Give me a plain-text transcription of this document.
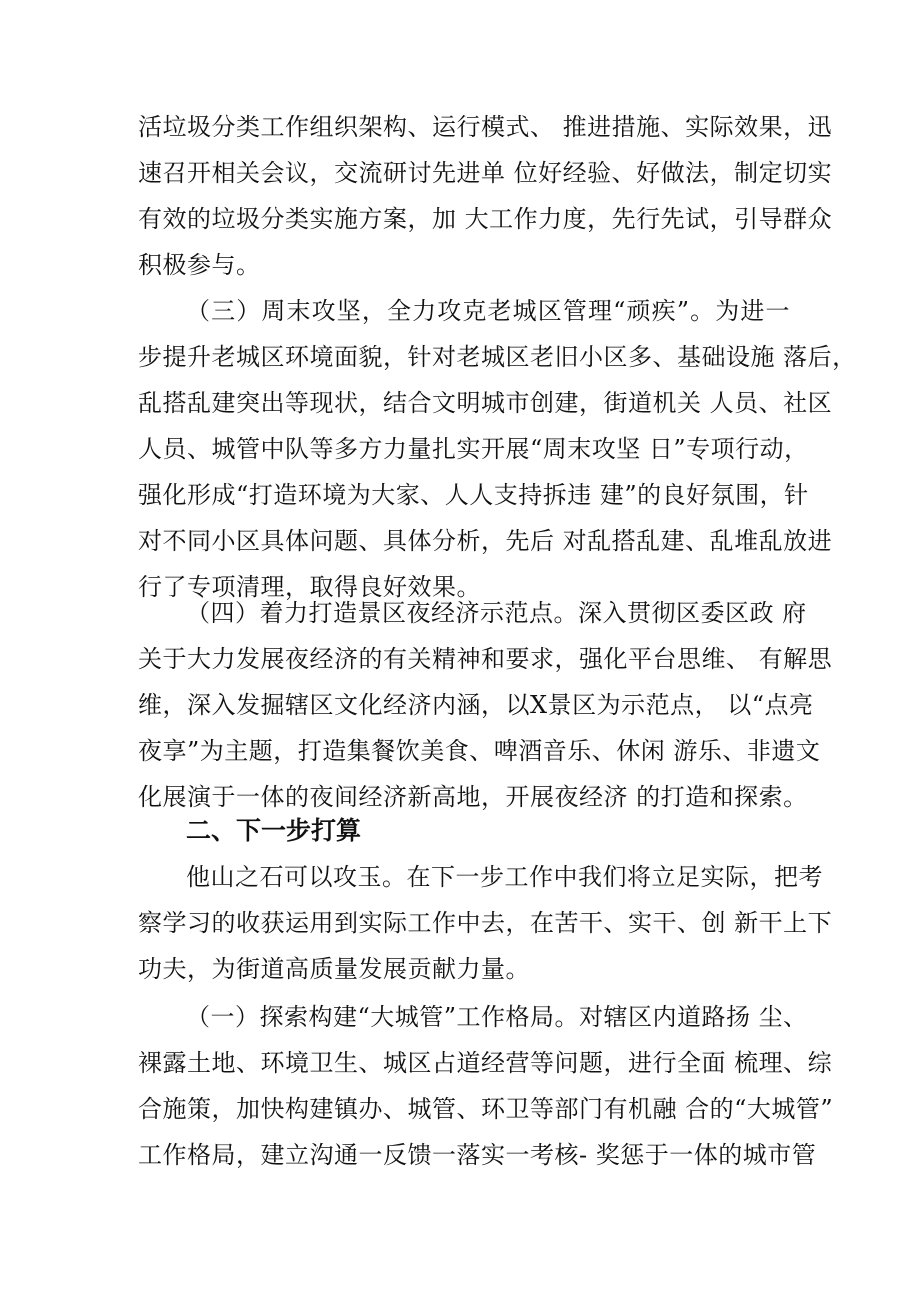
活垃圾分类工作组织架构、运行模式、 推进措施、实际效果，迅
速召开相关会议，交流研讨先进单 位好经验、好做法，制定切实
有效的垃圾分类实施方案，加 大工作力度，先行先试，引导群众
积极参与。
（三）周末攻坚，全力攻克老城区管理“顽疾”。为进一
步提升老城区环境面貌，针对老城区老旧小区多、基础设施 落后，
乱搭乱建突出等现状，结合文明城市创建，街道机关 人员、社区
人员、城管中队等多方力量扎实开展“周末攻坚 日”专项行动，
强化形成“打造环境为大家、人人支持拆违 建”的良好氛围，针
对不同小区具体问题、具体分析，先后 对乱搭乱建、乱堆乱放进
行了专项清理，取得良好效果。
（四）着力打造景区夜经济示范点。深入贯彻区委区政 府
关于大力发展夜经济的有关精神和要求，强化平台思维、 有解思
维，深入发掘辖区文化经济内涵，以X景区为示范点， 以“点亮
夜享”为主题，打造集餐饮美食、啤酒音乐、休闲 游乐、非遗文
化展演于一体的夜间经济新高地，开展夜经济 的打造和探索。
二、下一步打算
他山之石可以攻玉。在下一步工作中我们将立足实际，把考
察学习的收获运用到实际工作中去，在苦干、实干、创 新干上下
功夫，为街道高质量发展贡献力量。
（一）探索构建“大城管”工作格局。对辖区内道路扬 尘、
裸露土地、环境卫生、城区占道经营等问题，进行全面 梳理、综
合施策，加快构建镇办、城管、环卫等部门有机融 合的“大城管”
工作格局，建立沟通一反馈一落实一考核- 奖惩于一体的城市管
